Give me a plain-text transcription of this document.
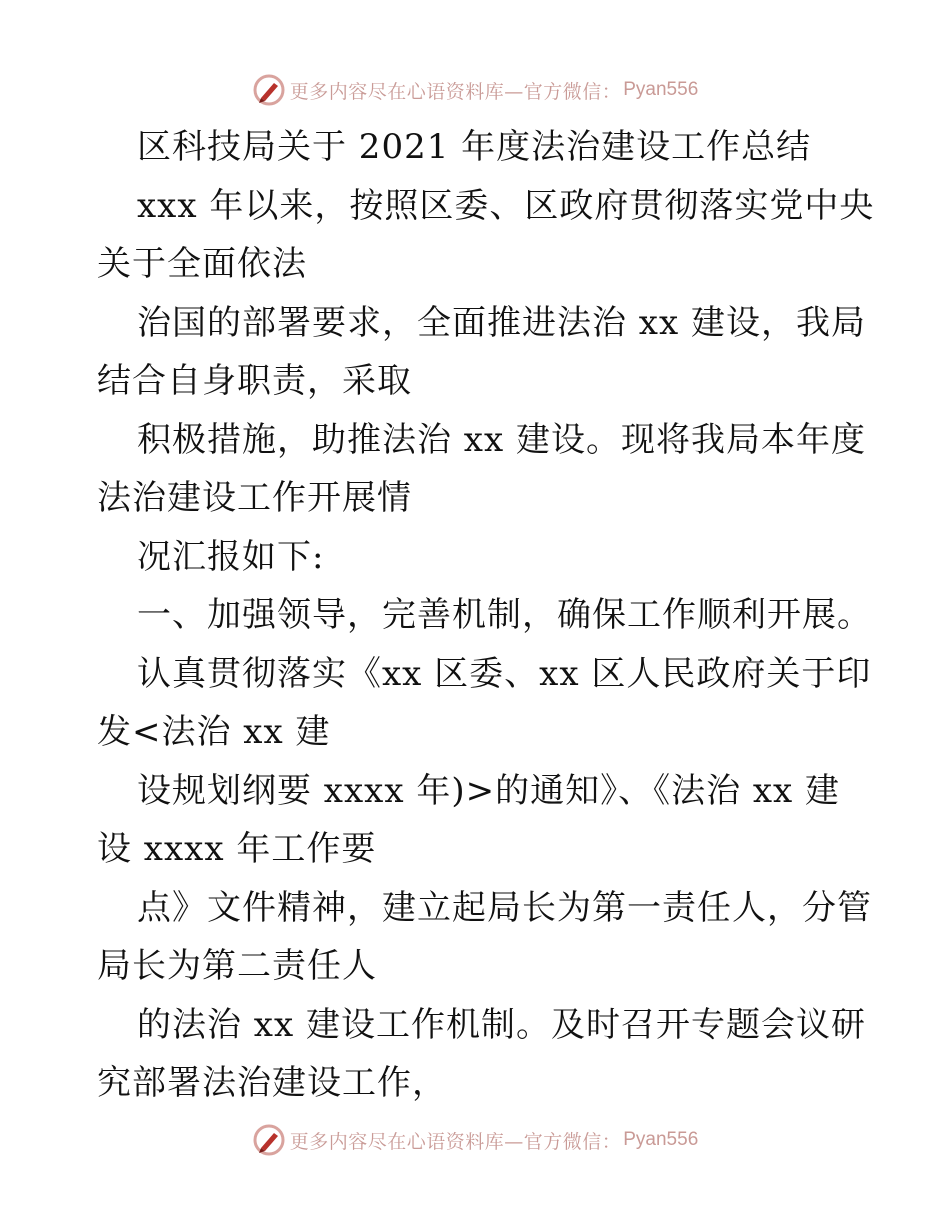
更多内容尽在心语资料库—官方微信： Pyan556
区科技局关于 2021 年度法治建设工作总结
xxx 年以来，按照区委、区政府贯彻落实党中央
关于全面依法
治国的部署要求，全面推进法治 xx 建设，我局
结合自身职责，采取
积极措施，助推法治 xx 建设。现将我局本年度
法治建设工作开展情
况汇报如下:
一、加强领导，完善机制，确保工作顺利开展。
认真贯彻落实《xx 区委、xx 区人民政府关于印
发<法治 xx 建
设规划纲要 xxxx 年)>的通知》、《法治 xx 建
设 xxxx 年工作要
点》文件精神，建立起局长为第一责任人，分管
局长为第二责任人
的法治 xx 建设工作机制。及时召开专题会议研
究部署法治建设工作，
更多内容尽在心语资料库—官方微信： Pyan556
